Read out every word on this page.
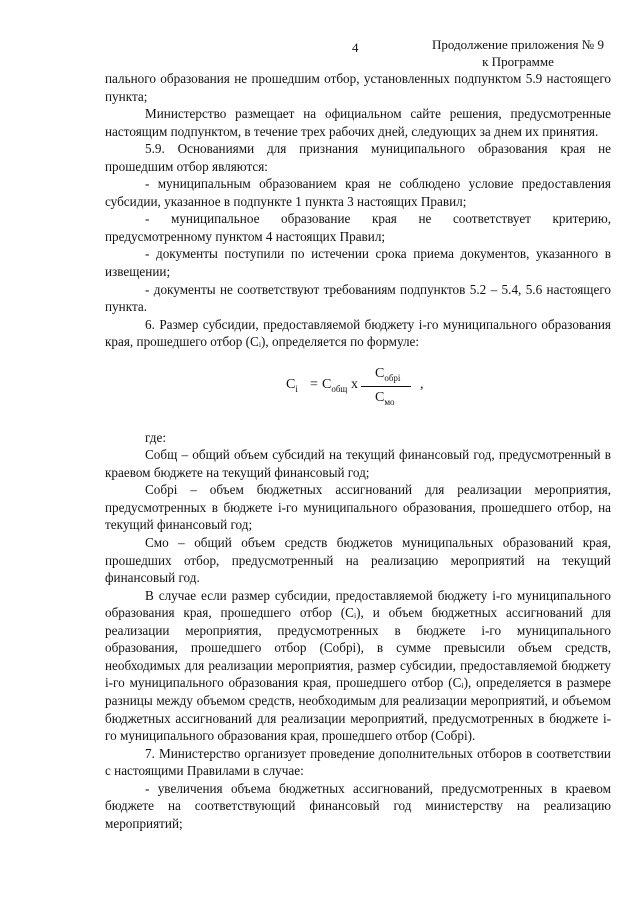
4	Продолжение приложения № 9
к Программе

пального образования не прошедшим отбор, установленных подпунктом 5.9 настоящего пункта;

Министерство размещает на официальном сайте решения, предусмотренные настоящим подпунктом, в течение трех рабочих дней, следующих за днем их принятия.

5.9. Основаниями для признания муниципального образования края не прошедшим отбор являются:

- муниципальным образованием края не соблюдено условие предоставления субсидии, указанное в подпункте 1 пункта 3 настоящих Правил;

- муниципальное образование края не соответствует критерию, предусмотренному пунктом 4 настоящих Правил;

- документы поступили по истечении срока приема документов, указанного в извещении;

- документы не соответствуют требованиям подпунктов 5.2 – 5.4, 5.6 настоящего пункта.

6. Размер субсидии, предоставляемой бюджету i-го муниципального образования края, прошедшего отбор (Cᵢ), определяется по формуле:

$C_i = C_{общ}$ x
$C_{обрi}$
$C_{мо}$
,

где:

Cобщ – общий объем субсидий на текущий финансовый год, предусмотренный в краевом бюджете на текущий финансовый год;

Cобрi – объем бюджетных ассигнований для реализации мероприятия, предусмотренных в бюджете i-го муниципального образования, прошедшего отбор, на текущий финансовый год;

Cмо – общий объем средств бюджетов муниципальных образований края, прошедших отбор, предусмотренный на реализацию мероприятий на текущий финансовый год.

В случае если размер субсидии, предоставляемой бюджету i-го муниципального образования края, прошедшего отбор (Cᵢ), и объем бюджетных ассигнований для реализации мероприятия, предусмотренных в бюджете i-го муниципального образования, прошедшего отбор (Cобрi), в сумме превысили объем средств, необходимых для реализации мероприятия, размер субсидии, предоставляемой бюджету i-го муниципального образования края, прошедшего отбор (Cᵢ), определяется в размере разницы между объемом средств, необходимым для реализации мероприятий, и объемом бюджетных ассигнований для реализации мероприятий, предусмотренных в бюджете i-го муниципального образования края, прошедшего отбор (Cобрi).

7. Министерство организует проведение дополнительных отборов в соответствии с настоящими Правилами в случае:

- увеличения объема бюджетных ассигнований, предусмотренных в краевом бюджете на соответствующий финансовый год министерству на реализацию мероприятий;
